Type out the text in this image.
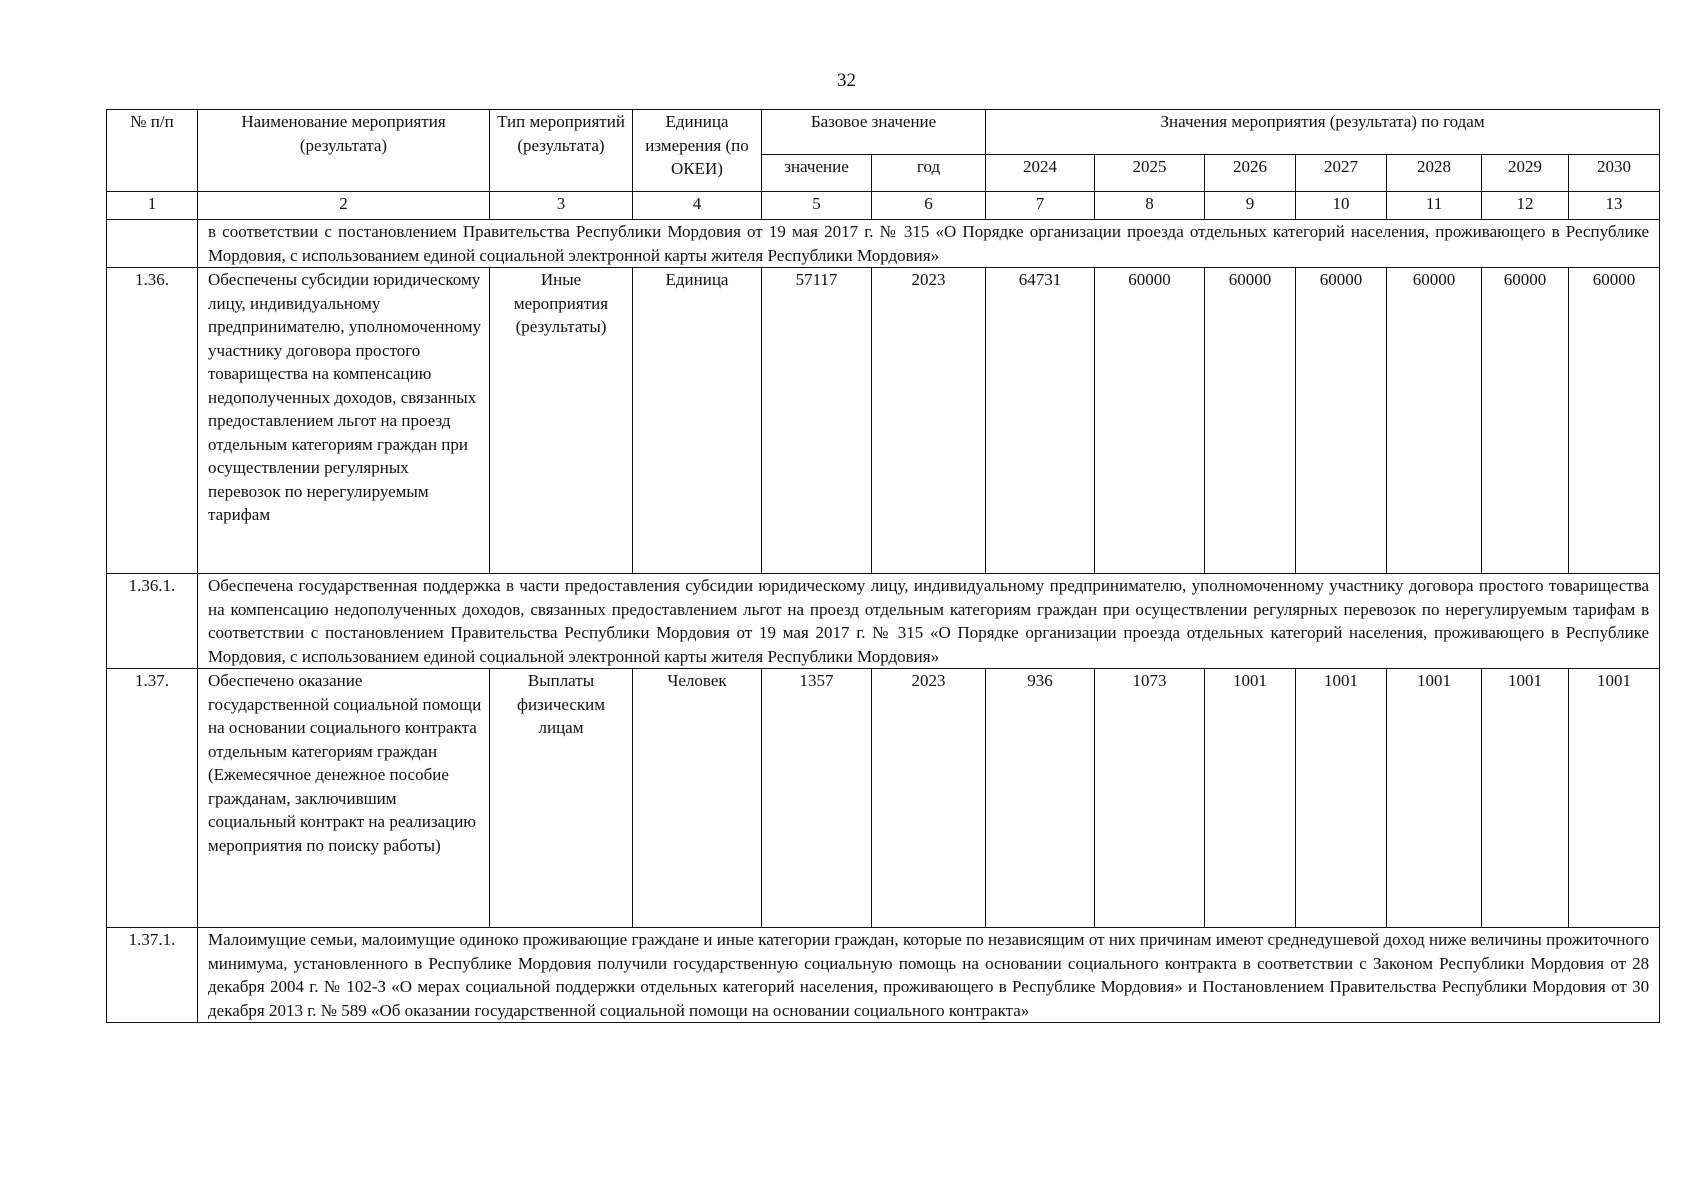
32
№ п/п	Наименование мероприятия (результата)	Тип мероприятий (результата)	Единица измерения (по ОКЕИ)	Базовое значение		Значения мероприятия (результата) по годам						
				значение	год	2024	2025	2026	2027	2028	2029	2030
1	2	3	4	5	6	7	8	9	10	11	12	13
	в соответствии с постановлением Правительства Республики Мордовия от 19 мая 2017 г. № 315 «О Порядке организации проезда отдельных категорий населения, проживающего в Республике Мордовия, с использованием единой социальной электронной карты жителя Республики Мордовия»											
1.36.	Обеспечены субсидии юридическому лицу, индивидуальному предпринимателю, уполномоченному участнику договора простого товарищества на компенсацию недополученных доходов, связанных предоставлением льгот на проезд отдельным категориям граждан при осуществлении регулярных перевозок по нерегулируемым тарифам	Иные мероприятия (результаты)	Единица	57117	2023	64731	60000	60000	60000	60000	60000	60000
1.36.1.	Обеспечена государственная поддержка в части предоставления субсидии юридическому лицу, индивидуальному предпринимателю, уполномоченному участнику договора простого товарищества на компенсацию недополученных доходов, связанных предоставлением льгот на проезд отдельным категориям граждан при осуществлении регулярных перевозок по нерегулируемым тарифам в соответствии с постановлением Правительства Республики Мордовия от 19 мая 2017 г. № 315 «О Порядке организации проезда отдельных категорий населения, проживающего в Республике Мордовия, с использованием единой социальной электронной карты жителя Республики Мордовия»											
1.37.	Обеспечено оказание государственной социальной помощи на основании социального контракта отдельным категориям граждан (Ежемесячное денежное пособие гражданам, заключившим социальный контракт на реализацию мероприятия по поиску работы)	Выплаты физическим лицам	Человек	1357	2023	936	1073	1001	1001	1001	1001	1001
1.37.1.	Малоимущие семьи, малоимущие одиноко проживающие граждане и иные категории граждан, которые по независящим от них причинам имеют среднедушевой доход ниже величины прожиточного минимума, установленного в Республике Мордовия получили государственную социальную помощь на основании социального контракта в соответствии с Законом Республики Мордовия от 28 декабря 2004 г. № 102-З «О мерах социальной поддержки отдельных категорий населения, проживающего в Республике Мордовия» и Постановлением Правительства Республики Мордовия от 30 декабря 2013 г. № 589 «Об оказании государственной социальной помощи на основании социального контракта»											
